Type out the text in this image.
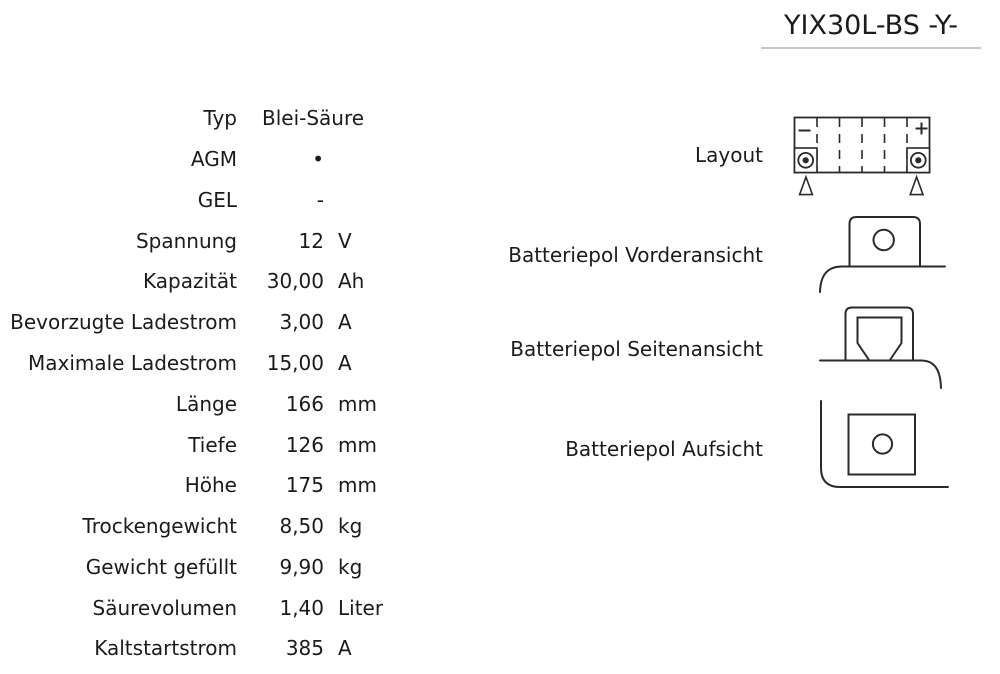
YIX30L-BS -Y-
Typ Blei-Säure
AGM	•
GEL	-
Spannung	12 V
Kapazität 30,00 Ah
Bevorzugte Ladestrom	3,00 A
Maximale Ladestrom 15,00 A
Länge	166 mm
Tiefe	126 mm
Höhe	175 mm
Trockengewicht	8,50 kg
Gewicht gefüllt	9,90 kg
Säurevolumen	1,40 Liter
Kaltstartstrom	385 A
Layout
Batteriepol Vorderansicht
Batteriepol Seitenansicht
Batteriepol Aufsicht
